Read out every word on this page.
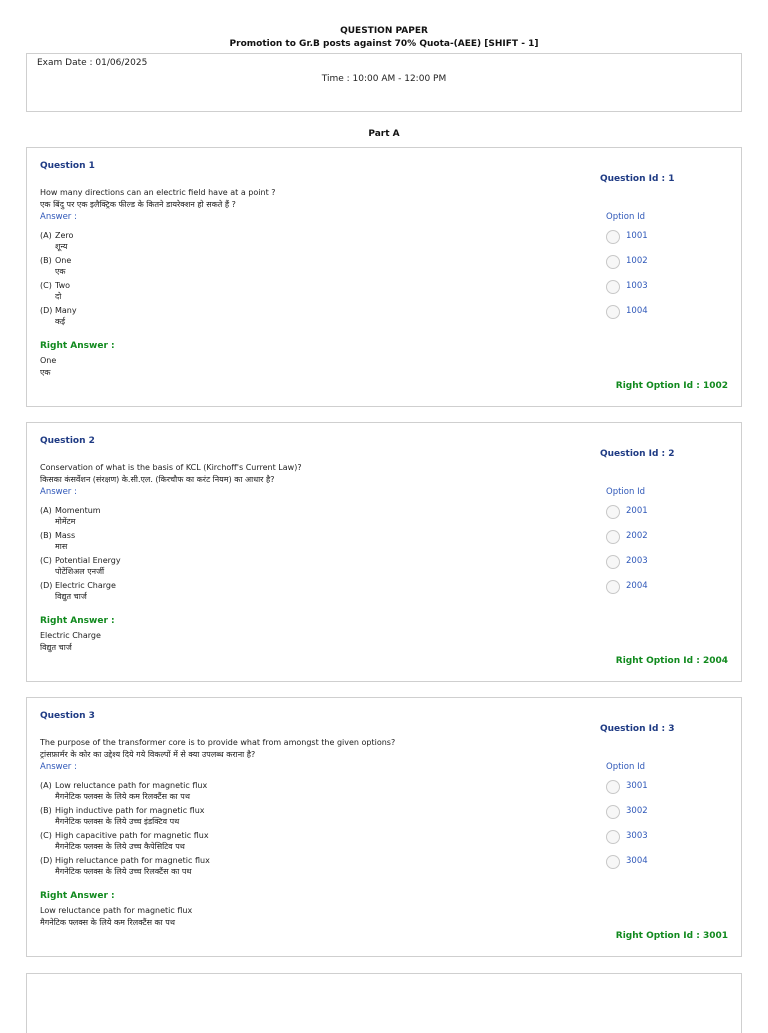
QUESTION PAPER
Promotion to Gr.B posts against 70% Quota-(AEE) [SHIFT - 1]
Exam Date : 01/06/2025
Time : 10:00 AM - 12:00 PM
Part A
Question 1
Question Id : 1
How many directions can an electric field have at a point ?
एक बिंदु पर एक इलैक्ट्रिक फील्ड के कितने डायरेक्शन हो सकते हैं ?
Answer :	Option Id
(A) Zero
शून्य
1001
(B) One
एक
1002
(C) Two
दो
1003
(D) Many
कई
1004
Right Answer :
One
एक
Right Option Id : 1002
Question 2
Question Id : 2
Conservation of what is the basis of KCL (Kirchoff's Current Law)?
किसका कंसर्वेशन (संरक्षण) के.सी.एल. (किरचौफ का करंट नियम) का आधार है?
Answer :	Option Id
(A) Momentum
मोमेंटम
2001
(B) Mass
मास
2002
(C) Potential Energy
पोटेंशिअल एनर्जी
2003
(D) Electric Charge
विद्युत चार्ज
2004
Right Answer :
Electric Charge
विद्युत चार्ज
Right Option Id : 2004
Question 3
Question Id : 3
The purpose of the transformer core is to provide what from amongst the given options?
ट्रांसफ़ार्मर के कोर का उद्देश्य दिये गये विकल्पों में से क्या उपलब्ध कराना है?
Answer :	Option Id
(A) Low reluctance path for magnetic flux
मैगनेटिक फ्लक्स के लिये कम रिलक्टैंस का पथ
3001
(B) High inductive path for magnetic flux
मैगनेटिक फ्लक्स के लिये उच्च इंडक्टिव पथ
3002
(C) High capacitive path for magnetic flux
मैगनेटिक फ्लक्स के लिये उच्च कैपेसिटिव पथ
3003
(D) High reluctance path for magnetic flux
मैगनेटिक फ्लक्स के लिये उच्च रिलक्टैंस का पथ
3004
Right Answer :
Low reluctance path for magnetic flux
मैगनेटिक फ्लक्स के लिये कम रिलक्टैंस का पथ
Right Option Id : 3001
